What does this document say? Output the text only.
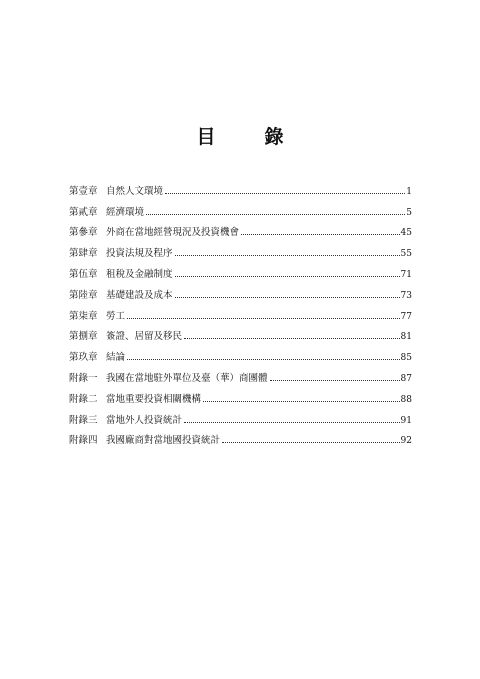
目　錄
第壹章 自然人文環境	1
第貳章 經濟環境	5
第參章 外商在當地經營現況及投資機會	45
第肆章 投資法規及程序	55
第伍章 租稅及金融制度	71
第陸章 基礎建設及成本	73
第柒章 勞工	77
第捌章 簽證、居留及移民	81
第玖章 結論	85
附錄一 我國在當地駐外單位及臺（華）商團體	87
附錄二 當地重要投資相關機構	88
附錄三 當地外人投資統計	91
附錄四 我國廠商對當地國投資統計	92
